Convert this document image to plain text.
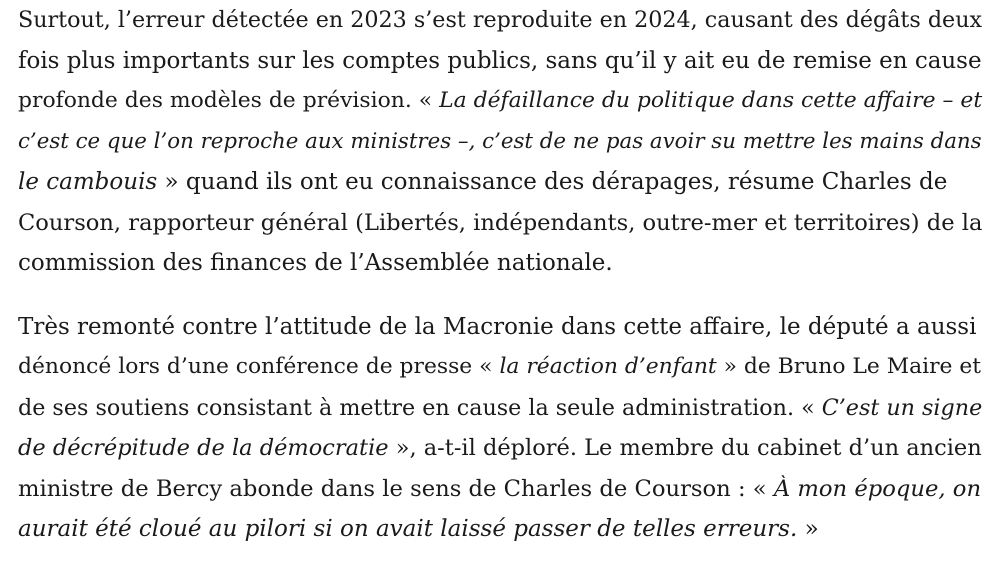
Surtout, l’erreur détectée en 2023 s’est reproduite en 2024, causant des dégâts deux
fois plus importants sur les comptes publics, sans qu’il y ait eu de remise en cause
profonde des modèles de prévision. « La défaillance du politique dans cette affaire – et
c’est ce que l’on reproche aux ministres –, c’est de ne pas avoir su mettre les mains dans
le cambouis » quand ils ont eu connaissance des dérapages, résume Charles de
Courson, rapporteur général (Libertés, indépendants, outre-mer et territoires) de la
commission des finances de l’Assemblée nationale.

Très remonté contre l’attitude de la Macronie dans cette affaire, le député a aussi
dénoncé lors d’une conférence de presse « la réaction d’enfant » de Bruno Le Maire et
de ses soutiens consistant à mettre en cause la seule administration. « C’est un signe
de décrépitude de la démocratie », a-t-il déploré. Le membre du cabinet d’un ancien
ministre de Bercy abonde dans le sens de Charles de Courson : « À mon époque, on
aurait été cloué au pilori si on avait laissé passer de telles erreurs. »
